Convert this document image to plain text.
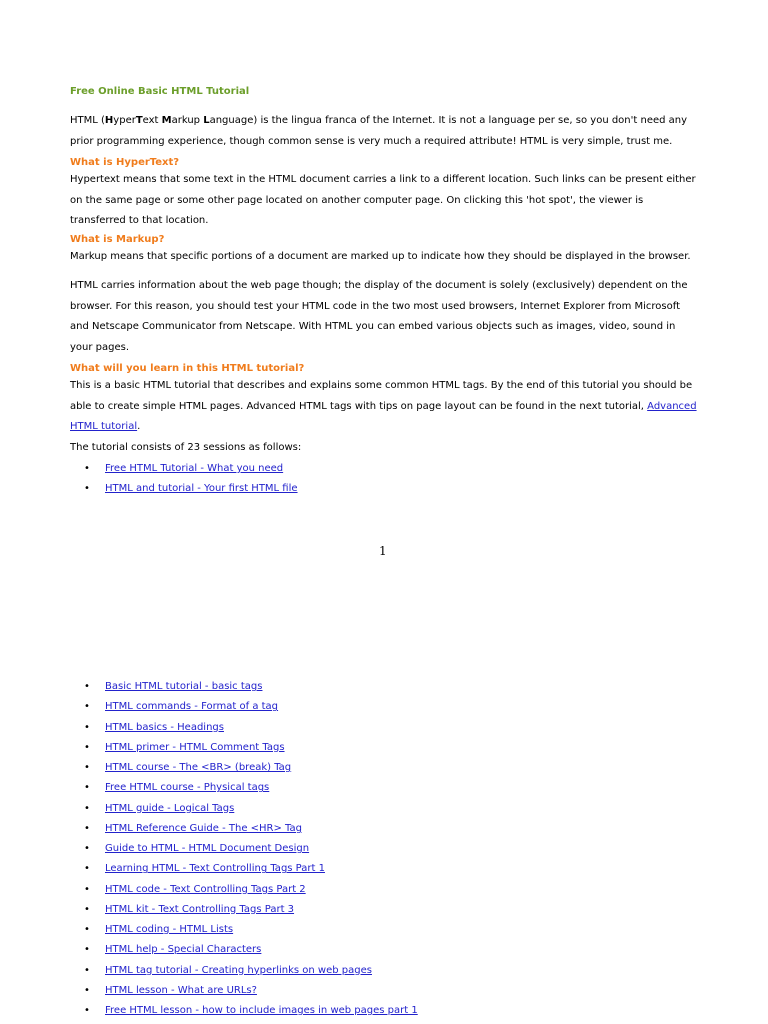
Free Online Basic HTML Tutorial

HTML (HyperText Markup Language) is the lingua franca of the Internet. It is not a language per se, so you don't need any prior programming experience, though common sense is very much a required attribute! HTML is very simple, trust me.

What is HyperText?

Hypertext means that some text in the HTML document carries a link to a different location. Such links can be present either on the same page or some other page located on another computer page. On clicking this 'hot spot', the viewer is transferred to that location.

What is Markup?

Markup means that specific portions of a document are marked up to indicate how they should be displayed in the browser.

HTML carries information about the web page though; the display of the document is solely (exclusively) dependent on the browser. For this reason, you should test your HTML code in the two most used browsers, Internet Explorer from Microsoft and Netscape Communicator from Netscape. With HTML you can embed various objects such as images, video, sound in your pages.

What will you learn in this HTML tutorial?

This is a basic HTML tutorial that describes and explains some common HTML tags. By the end of this tutorial you should be able to create simple HTML pages. Advanced HTML tags with tips on page layout can be found in the next tutorial, Advanced HTML tutorial.

The tutorial consists of 23 sessions as follows:

• Free HTML Tutorial - What you need
• HTML and tutorial - Your first HTML file
• Basic HTML tutorial - basic tags
• HTML commands - Format of a tag
• HTML basics - Headings
• HTML primer - HTML Comment Tags
• HTML course - The <BR> (break) Tag
• Free HTML course - Physical tags
• HTML guide - Logical Tags
• HTML Reference Guide - The <HR> Tag
• Guide to HTML - HTML Document Design
• Learning HTML - Text Controlling Tags Part 1
• HTML code - Text Controlling Tags Part 2
• HTML kit - Text Controlling Tags Part 3
• HTML coding - HTML Lists
• HTML help - Special Characters
• HTML tag tutorial - Creating hyperlinks on web pages
• HTML lesson - What are URLs?
• Free HTML lesson - how to include images in web pages part 1
1
